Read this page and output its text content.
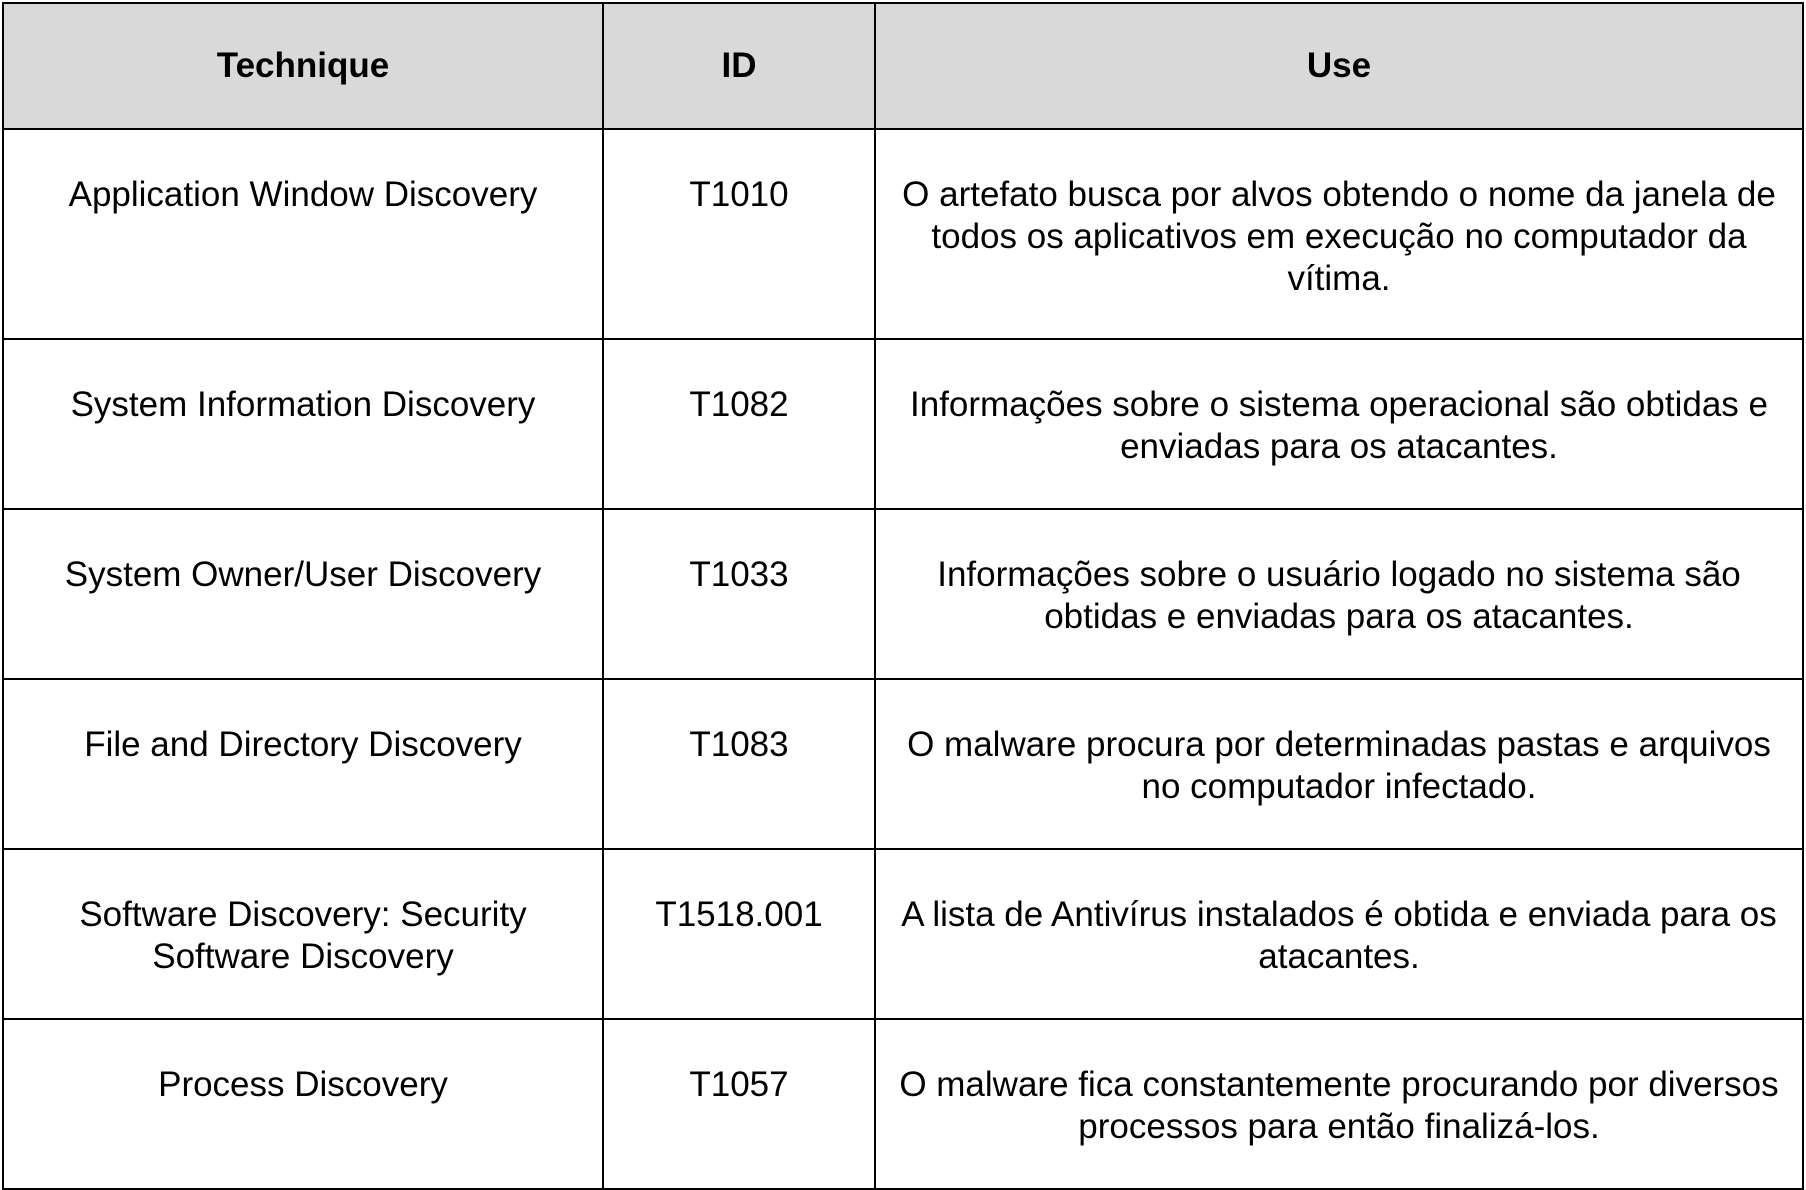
Technique	ID	Use
Application Window Discovery	T1010	O artefato busca por alvos obtendo o nome da janela de todos os aplicativos em execução no computador da vítima.
System Information Discovery	T1082	Informações sobre o sistema operacional são obtidas e enviadas para os atacantes.
System Owner/User Discovery	T1033	Informações sobre o usuário logado no sistema são obtidas e enviadas para os atacantes.
File and Directory Discovery	T1083	O malware procura por determinadas pastas e arquivos no computador infectado.
Software Discovery: Security Software Discovery	T1518.001	A lista de Antivírus instalados é obtida e enviada para os atacantes.
Process Discovery	T1057	O malware fica constantemente procurando por diversos processos para então finalizá-los.
